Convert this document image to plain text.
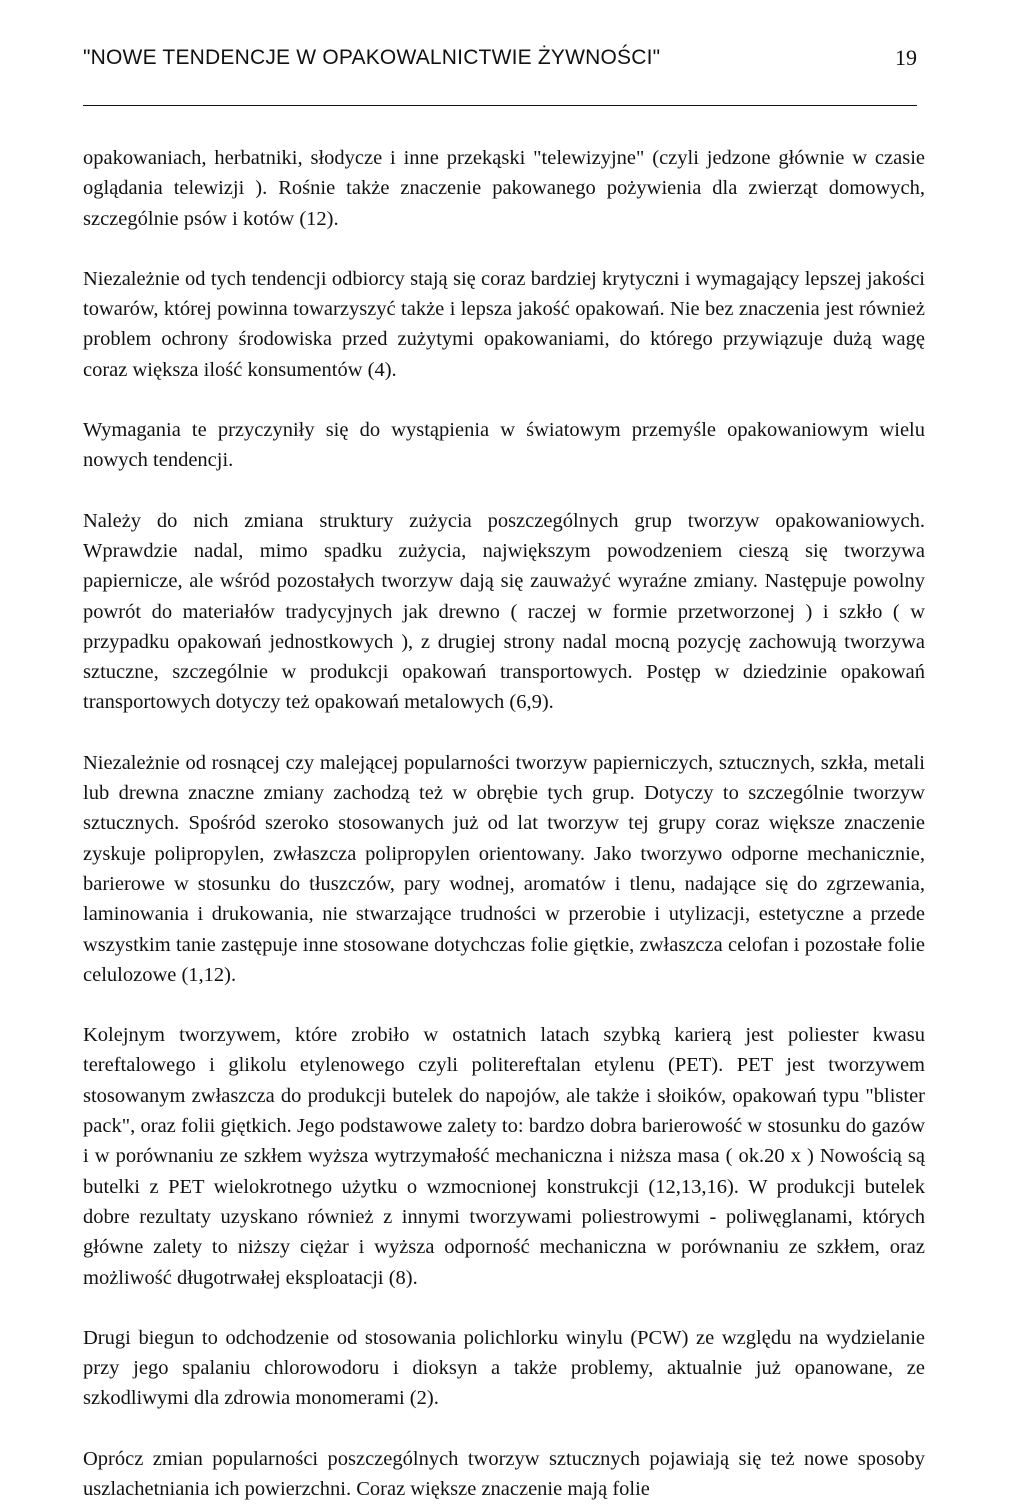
"NOWE TENDENCJE W OPAKOWALNICTWIE ŻYWNOŚCI"	19

opakowaniach, herbatniki, słodycze i inne przekąski "telewizyjne" (czyli jedzone głównie w czasie oglądania telewizji ). Rośnie także znaczenie pakowanego pożywienia dla zwierząt domowych, szczególnie psów i kotów (12).

Niezależnie od tych tendencji odbiorcy stają się coraz bardziej krytyczni i wymagający lepszej jakości towarów, której powinna towarzyszyć także i lepsza jakość opakowań. Nie bez znaczenia jest również problem ochrony środowiska przed zużytymi opakowaniami, do którego przywiązuje dużą wagę coraz większa ilość konsumentów (4).

Wymagania te przyczyniły się do wystąpienia w światowym przemyśle opakowaniowym wielu nowych tendencji.

Należy do nich zmiana struktury zużycia poszczególnych grup tworzyw opakowaniowych. Wprawdzie nadal, mimo spadku zużycia, największym powodzeniem cieszą się tworzywa papiernicze, ale wśród pozostałych tworzyw dają się zauważyć wyraźne zmiany. Następuje powolny powrót do materiałów tradycyjnych jak drewno ( raczej w formie przetworzonej ) i szkło ( w przypadku opakowań jednostkowych ), z drugiej strony nadal mocną pozycję zachowują tworzywa sztuczne, szczególnie w produkcji opakowań transportowych. Postęp w dziedzinie opakowań transportowych dotyczy też opakowań metalowych (6,9).

Niezależnie od rosnącej czy malejącej popularności tworzyw papierniczych, sztucznych, szkła, metali lub drewna znaczne zmiany zachodzą też w obrębie tych grup. Dotyczy to szczególnie tworzyw sztucznych. Spośród szeroko stosowanych już od lat tworzyw tej grupy coraz większe znaczenie zyskuje polipropylen, zwłaszcza polipropylen orientowany. Jako tworzywo odporne mechanicznie, barierowe w stosunku do tłuszczów, pary wodnej, aromatów i tlenu, nadające się do zgrzewania, laminowania i drukowania, nie stwarzające trudności w przerobie i utylizacji, estetyczne a przede wszystkim tanie zastępuje inne stosowane dotychczas folie giętkie, zwłaszcza celofan i pozostałe folie celulozowe (1,12).

Kolejnym tworzywem, które zrobiło w ostatnich latach szybką karierą jest poliester kwasu tereftalowego i glikolu etylenowego czyli politereftalan etylenu (PET). PET jest tworzywem stosowanym zwłaszcza do produkcji butelek do napojów, ale także i słoików, opakowań typu "blister pack", oraz folii giętkich. Jego podstawowe zalety to: bardzo dobra barierowość w stosunku do gazów i w porównaniu ze szkłem wyższa wytrzymałość mechaniczna i niższa masa ( ok.20 x ) Nowością są butelki z PET wielokrotnego użytku o wzmocnionej konstrukcji (12,13,16). W produkcji butelek dobre rezultaty uzyskano również z innymi tworzywami poliestrowymi - poliwęglanami, których główne zalety to niższy ciężar i wyższa odporność mechaniczna w porównaniu ze szkłem, oraz możliwość długotrwałej eksploatacji (8).

Drugi biegun to odchodzenie od stosowania polichlorku winylu (PCW) ze względu na wydzielanie przy jego spalaniu chlorowodoru i dioksyn a także problemy, aktualnie już opanowane, ze szkodliwymi dla zdrowia monomerami (2).

Oprócz zmian popularności poszczególnych tworzyw sztucznych pojawiają się też nowe sposoby uszlachetniania ich powierzchni. Coraz większe znaczenie mają folie
